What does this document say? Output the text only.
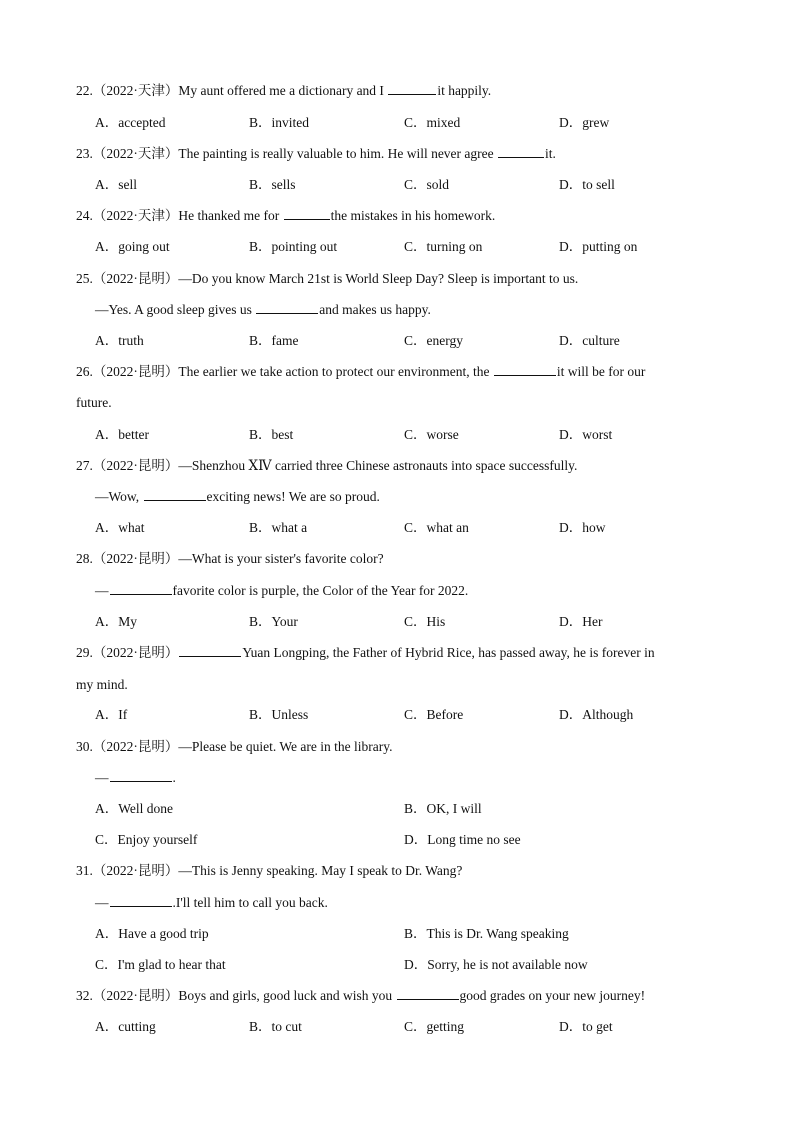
22.（2022·天津）My aunt offered me a dictionary and I	it happily.
A．accepted	B．invited	C．mixed	D．grew
23.（2022·天津）The painting is really valuable to him. He will never agree	it.
A．sell	B．sells	C．sold	D．to sell
24.（2022·天津）He thanked me for	the mistakes in his homework.
A．going out	B．pointing out	C．turning on	D．putting on
25.（2022·昆明）—Do you know March 21st is World Sleep Day? Sleep is important to us.
—Yes. A good sleep gives us	and makes us happy.
A．truth	B．fame	C．energy	D．culture
26.（2022·昆明）The earlier we take action to protect our environment, the	it will be for our
future.
A．better	B．best	C．worse	D．worst
27.（2022·昆明）—Shenzhou ⅩⅣ carried three Chinese astronauts into space successfully.
—Wow,	exciting news! We are so proud.
A．what	B．what a	C．what an	D．how
28.（2022·昆明）—What is your sister's favorite color?
—	favorite color is purple, the Color of the Year for 2022.
A．My	B．Your	C．His	D．Her
29.（2022·昆明）	Yuan Longping, the Father of Hybrid Rice, has passed away, he is forever in
my mind.
A．If	B．Unless	C．Before	D．Although
30.（2022·昆明）—Please be quiet. We are in the library.
—	.
A．Well done	B．OK, I will
C．Enjoy yourself	D．Long time no see
31.（2022·昆明）—This is Jenny speaking. May I speak to Dr. Wang?
—	.I'll tell him to call you back.
A．Have a good trip	B．This is Dr. Wang speaking
C．I'm glad to hear that	D．Sorry, he is not available now
32.（2022·昆明）Boys and girls, good luck and wish you	good grades on your new journey!
A．cutting	B．to cut	C．getting	D．to get
